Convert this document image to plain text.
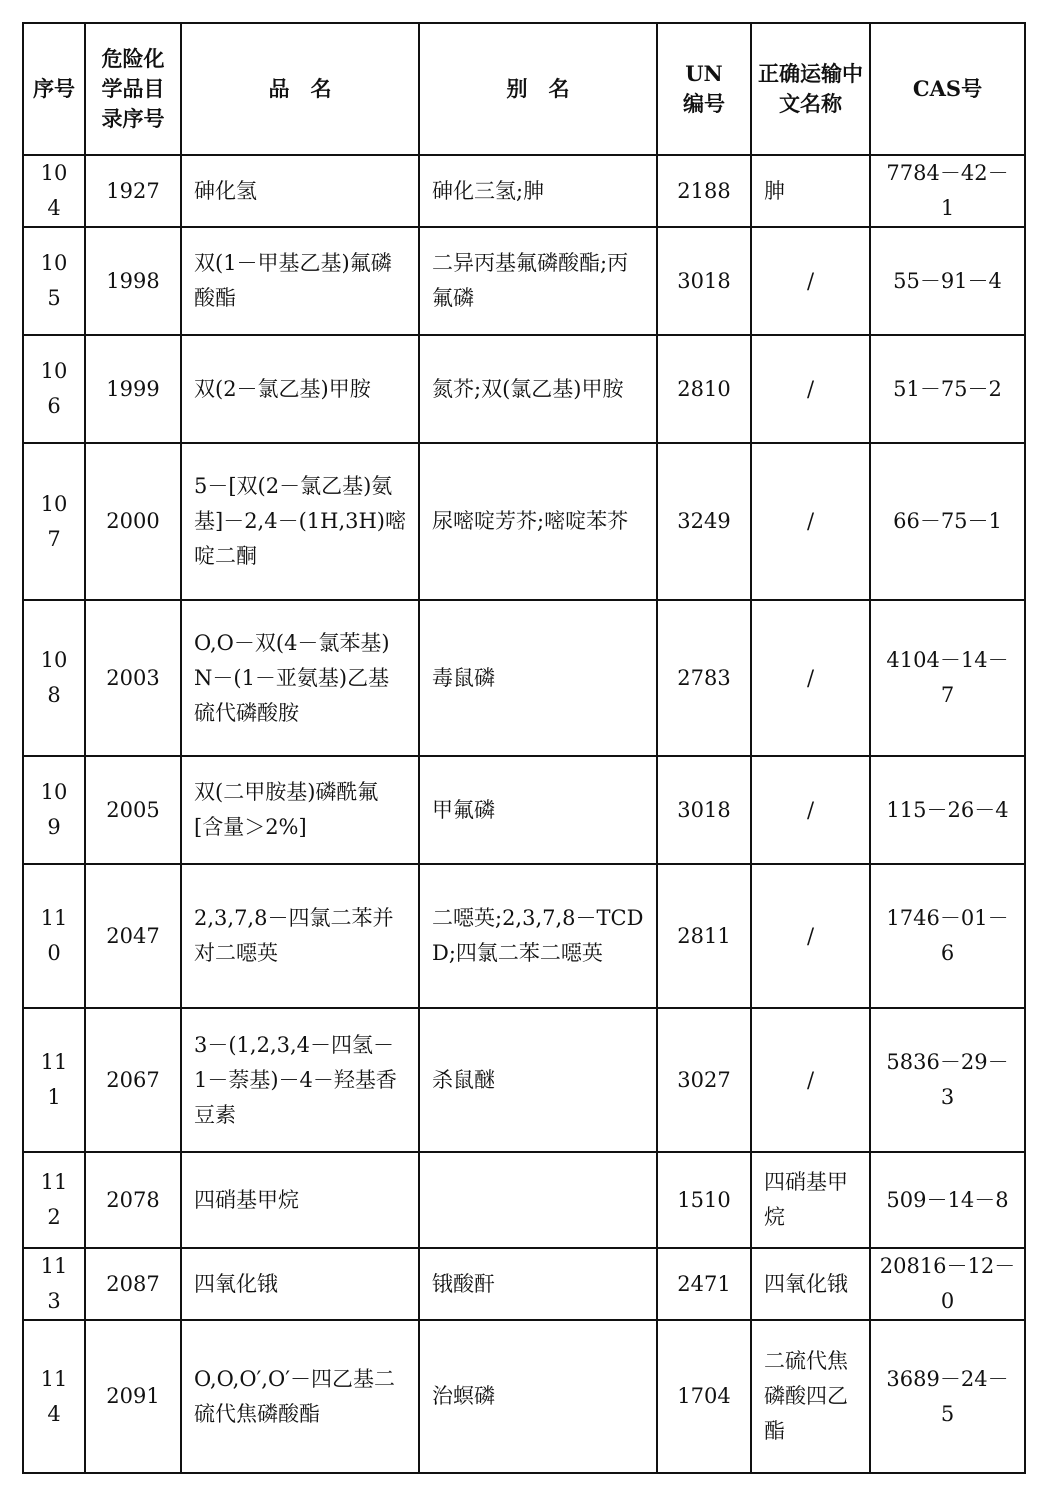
序号	危险化学品目录序号	品　名	别　名	UN编号	正确运输中文名称	CAS号
104	1927	砷化氢	砷化三氢;胂	2188	胂	7784－42－1
105	1998	双(1－甲基乙基)氟磷酸酯	二异丙基氟磷酸酯;丙氟磷	3018	/	55－91－4
106	1999	双(2－氯乙基)甲胺	氮芥;双(氯乙基)甲胺	2810	/	51－75－2
107	2000	5－[双(2－氯乙基)氨基]－2,4－(1H,3H)嘧啶二酮	尿嘧啶芳芥;嘧啶苯芥	3249	/	66－75－1
108	2003	O,O－双(4－氯苯基)N－(1－亚氨基)乙基硫代磷酸胺	毒鼠磷	2783	/	4104－14－7
109	2005	双(二甲胺基)磷酰氟[含量＞2%]	甲氟磷	3018	/	115－26－4
110	2047	2,3,7,8－四氯二苯并对二噁英	二噁英;2,3,7,8－TCDD;四氯二苯二噁英	2811	/	1746－01－6
111	2067	3－(1,2,3,4－四氢－1－萘基)－4－羟基香豆素	杀鼠醚	3027	/	5836－29－3
112	2078	四硝基甲烷		1510	四硝基甲烷	509－14－8
113	2087	四氧化锇	锇酸酐	2471	四氧化锇	20816－12－0
114	2091	O,O,O′,O′－四乙基二硫代焦磷酸酯	治螟磷	1704	二硫代焦磷酸四乙酯	3689－24－5
